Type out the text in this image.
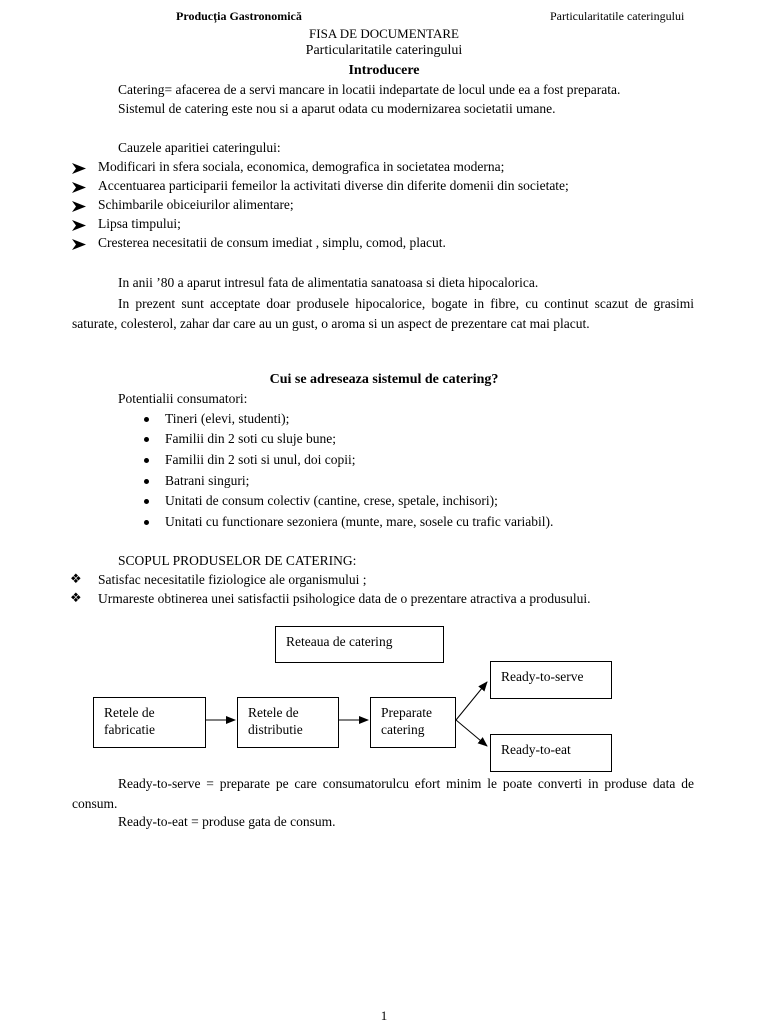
Producția Gastronomică	Particularitatile cateringului
FISA DE DOCUMENTARE
Particularitatile cateringului
Introducere
Catering= afacerea de a servi mancare in locatii indepartate de locul unde ea a fost preparata.
Sistemul de catering este nou si a aparut odata cu modernizarea societatii umane.
Cauzele aparitiei cateringului:
Modificari in sfera sociala, economica, demografica in societatea moderna;
Accentuarea participarii femeilor la activitati diverse din diferite domenii din societate;
Schimbarile obiceiurilor alimentare;
Lipsa timpului;
Cresterea necesitatii de consum imediat , simplu, comod, placut.
In anii ’80 a aparut intresul fata de alimentatia sanatoasa si dieta hipocalorica.
In prezent sunt acceptate doar produsele hipocalorice, bogate in fibre, cu continut scazut de grasimi saturate, colesterol, zahar dar care au un gust, o aroma si un aspect de prezentare cat mai placut.
Cui se adreseaza sistemul de catering?
Potentialii consumatori:
Tineri (elevi, studenti);
Familii din 2 soti cu sluje bune;
Familii din 2 soti si unul, doi copii;
Batrani singuri;
Unitati de consum colectiv (cantine, crese, spetale, inchisori);
Unitati cu functionare sezoniera (munte, mare, sosele cu trafic variabil).
SCOPUL PRODUSELOR DE CATERING:
❖ Satisfac necesitatile fiziologice ale organismului ;
❖ Urmareste obtinerea unei satisfactii psihologice data de o prezentare atractiva a produsului.
Reteaua de catering
Retele de
fabricatie
Retele de
distributie
Preparate
catering
Ready-to-serve
Ready-to-eat
Ready-to-serve = preparate pe care consumatorulcu efort minim le poate converti in produse data de consum.
Ready-to-eat = produse gata de consum.
1
